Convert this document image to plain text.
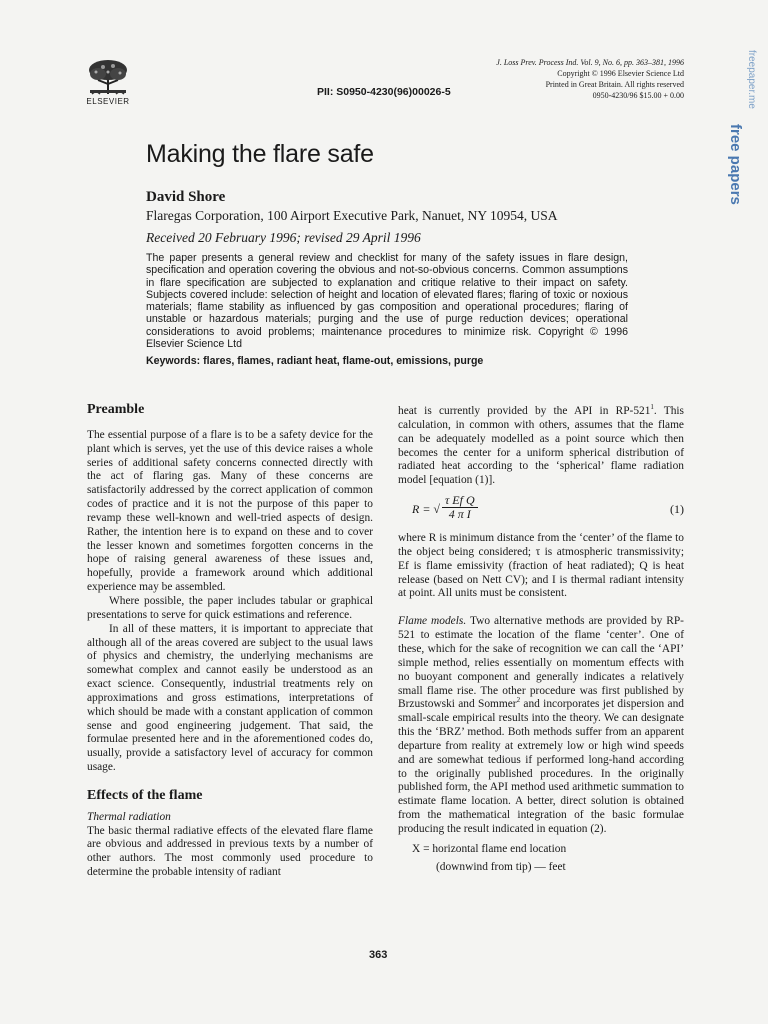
ELSEVIER
PII: S0950-4230(96)00026-5
J. Loss Prev. Process Ind. Vol. 9, No. 6, pp. 363–381, 1996
Copyright © 1996 Elsevier Science Ltd
Printed in Great Britain. All rights reserved
0950-4230/96 $15.00 + 0.00	freepaper.me
free papers
Making the flare safe
David Shore
Flaregas Corporation, 100 Airport Executive Park, Nanuet, NY 10954, USA
Received 20 February 1996; revised 29 April 1996
The paper presents a general review and checklist for many of the safety issues in flare design, specification and operation covering the obvious and not-so-obvious concerns. Common assumptions in flare specification are subjected to explanation and critique relative to their impact on safety. Subjects covered include: selection of height and location of elevated flares; flaring of toxic or noxious materials; flame stability as influenced by gas composition and operational procedures; flaring of unstable or hazardous materials; purging and the use of purge reduction devices; operational considerations to avoid problems; maintenance procedures to minimize risk. Copyright © 1996 Elsevier Science Ltd
Keywords: flares, flames, radiant heat, flame-out, emissions, purge
Preamble

The essential purpose of a flare is to be a safety device for the plant which is serves, yet the use of this device raises a whole series of additional safety concerns connected directly with the act of flaring gas. Many of these concerns are satisfactorily addressed by the correct application of common codes of practice and it is not the purpose of this paper to revamp these well-known and well-tried aspects of design. Rather, the intention here is to expand on these and to cover the lesser known and sometimes forgotten concerns in the hope of raising general awareness of these issues and, hopefully, provide a framework around which additional experience may be assembled.

Where possible, the paper includes tabular or graphical presentations to serve for quick estimations and reference.

In all of these matters, it is important to appreciate that although all of the areas covered are subject to the usual laws of physics and chemistry, the underlying mechanisms are somewhat complex and cannot easily be understood as an exact science. Consequently, industrial treatments rely on approximations and gross estimations, interpretations of which should be made with a constant application of common sense and good engineering judgement. That said, the formulae presented here and in the aforementioned codes do, usually, provide a satisfactory level of accuracy for common usage.

Effects of the flame
Thermal radiation

The basic thermal radiative effects of the elevated flare flame are obvious and addressed in previous texts by a number of other authors. The most commonly used procedure to determine the probable intensity of radiant

heat is currently provided by the API in $RP-521^1$. This calculation, in common with others, assumes that the flame can be adequately modelled as a point source which then becomes the center for a uniform spherical distribution of radiated heat according to the ‘spherical’ flame radiation model [equation (1)].

R = √ $\frac{\text{τ Ef Q}}{\text{4 π I}}$	(1)

where R is minimum distance from the ‘center’ of the flame to the object being considered; τ is atmospheric transmissivity; Ef is flame emissivity (fraction of heat radiated); Q is heat release (based on Nett CV); and I is thermal radiant intensity at point. All units must be consistent.

Flame models. Two alternative methods are provided by RP-521 to estimate the location of the flame ‘center’. One of these, which for the sake of recognition we can call the ‘API’ simple method, relies essentially on momentum effects with no buoyant component and generally indicates a relatively small flame rise. The other procedure was first published by Brzustowski and Sommer$^2$ and incorporates jet dispersion and small-scale empirical results into the theory. We can designate this the ‘BRZ’ method. Both methods suffer from an apparent departure from reality at extremely low or high wind speeds and are somewhat tedious if performed long-hand according to the originally published procedures. In the originally published form, the API method used arithmetic summation to estimate flame location. A better, direct solution is obtained from the mathematical integration of the basic formulae producing the result indicated in equation (2).

X = horizontal flame end location
(downwind from tip) — feet
363
